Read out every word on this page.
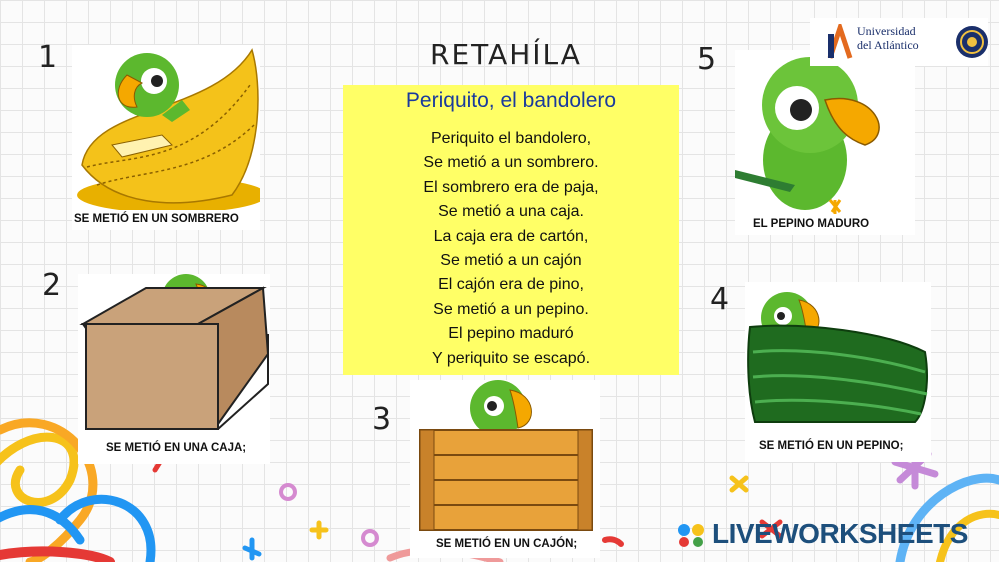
RETAHÍLA
Periquito, el bandolero
Periquito el bandolero,
Se metió a un sombrero.
El sombrero era de paja,
Se metió a una caja.
La caja era de cartón,
Se metió a un cajón
El cajón era de pino,
Se metió a un pepino.
El pepino maduró
Y periquito se escapó.
1
SE METIÓ EN UN SOMBRERO
2
SE METIÓ EN UNA CAJA;
3
SE METIÓ EN UN CAJÓN;
4
SE METIÓ EN UN PEPINO;
5
EL PEPINO MADURO
Universidad
del Atlántico
LIVEWORKSHEETS
